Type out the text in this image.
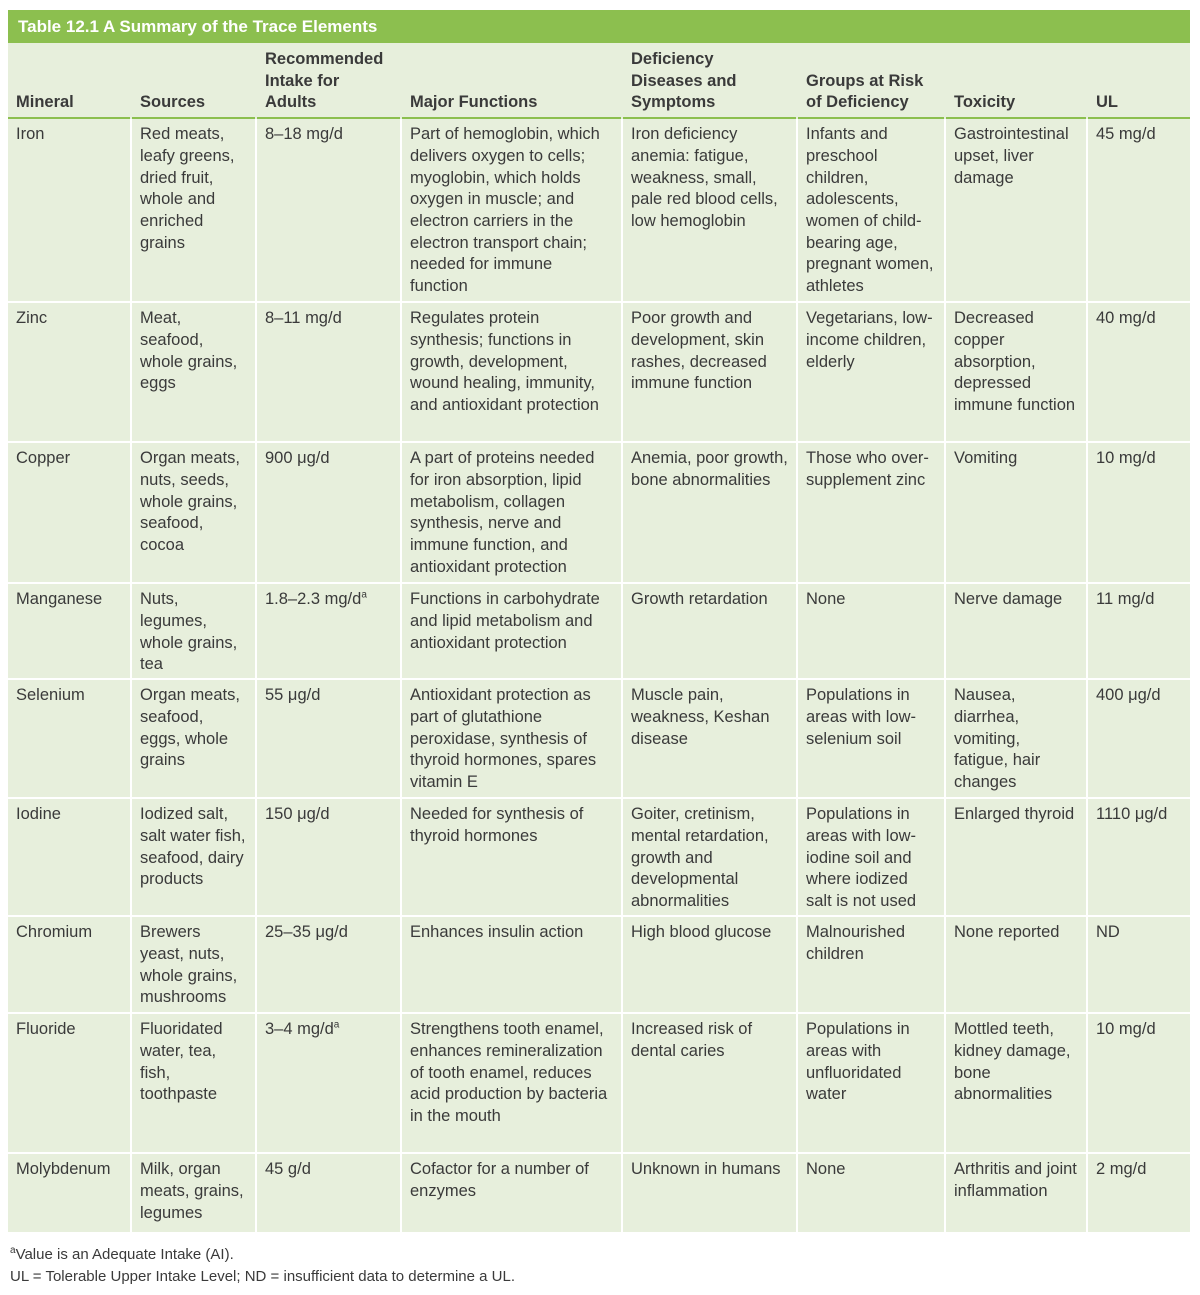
Table 12.1 A Summary of the Trace Elements
Mineral	Sources	Recommended Intake for Adults	Major Functions	Deficiency Diseases and Symptoms	Groups at Risk of Deficiency	Toxicity	UL
Iron	Red meats, leafy greens, dried fruit, whole and enriched grains	8–18 mg/d	Part of hemoglobin, which delivers oxygen to cells; myoglobin, which holds oxygen in muscle; and electron carriers in the electron transport chain; needed for immune function	Iron deficiency anemia: fatigue, weakness, small, pale red blood cells, low hemoglobin	Infants and preschool children, adolescents, women of child-bearing age, pregnant women, athletes	Gastrointestinal upset, liver damage	45 mg/d
Zinc	Meat, seafood, whole grains, eggs	8–11 mg/d	Regulates protein synthesis; functions in growth, development, wound healing, immunity, and antioxidant protection	Poor growth and development, skin rashes, decreased immune function	Vegetarians, low-income children, elderly	Decreased copper absorption, depressed immune function	40 mg/d
Copper	Organ meats, nuts, seeds, whole grains, seafood, cocoa	900 μg/d	A part of proteins needed for iron absorption, lipid metabolism, collagen synthesis, nerve and immune function, and antioxidant protection	Anemia, poor growth, bone abnormalities	Those who over-supplement zinc	Vomiting	10 mg/d
Manganese	Nuts, legumes, whole grains, tea	1.8–2.3 $mg/d^a$	Functions in carbohydrate and lipid metabolism and antioxidant protection	Growth retardation	None	Nerve damage	11 mg/d
Selenium	Organ meats, seafood, eggs, whole grains	55 μg/d	Antioxidant protection as part of glutathione peroxidase, synthesis of thyroid hormones, spares vitamin E	Muscle pain, weakness, Keshan disease	Populations in areas with low-selenium soil	Nausea, diarrhea, vomiting, fatigue, hair changes	400 μg/d
Iodine	Iodized salt, salt water fish, seafood, dairy products	150 μg/d	Needed for synthesis of thyroid hormones	Goiter, cretinism, mental retardation, growth and developmental abnormalities	Populations in areas with low-iodine soil and where iodized salt is not used	Enlarged thyroid	1110 μg/d
Chromium	Brewers yeast, nuts, whole grains, mushrooms	25–35 μg/d	Enhances insulin action	High blood glucose	Malnourished children	None reported	ND
Fluoride	Fluoridated water, tea, fish, toothpaste	3–4 $mg/d^a$	Strengthens tooth enamel, enhances remineralization of tooth enamel, reduces acid production by bacteria in the mouth	Increased risk of dental caries	Populations in areas with unfluoridated water	Mottled teeth, kidney damage, bone abnormalities	10 mg/d
Molybdenum	Milk, organ meats, grains, legumes	45 g/d	Cofactor for a number of enzymes	Unknown in humans	None	Arthritis and joint inflammation	2 mg/d
$^a$Value is an Adequate Intake (AI).
UL = Tolerable Upper Intake Level; ND = insufficient data to determine a UL.
